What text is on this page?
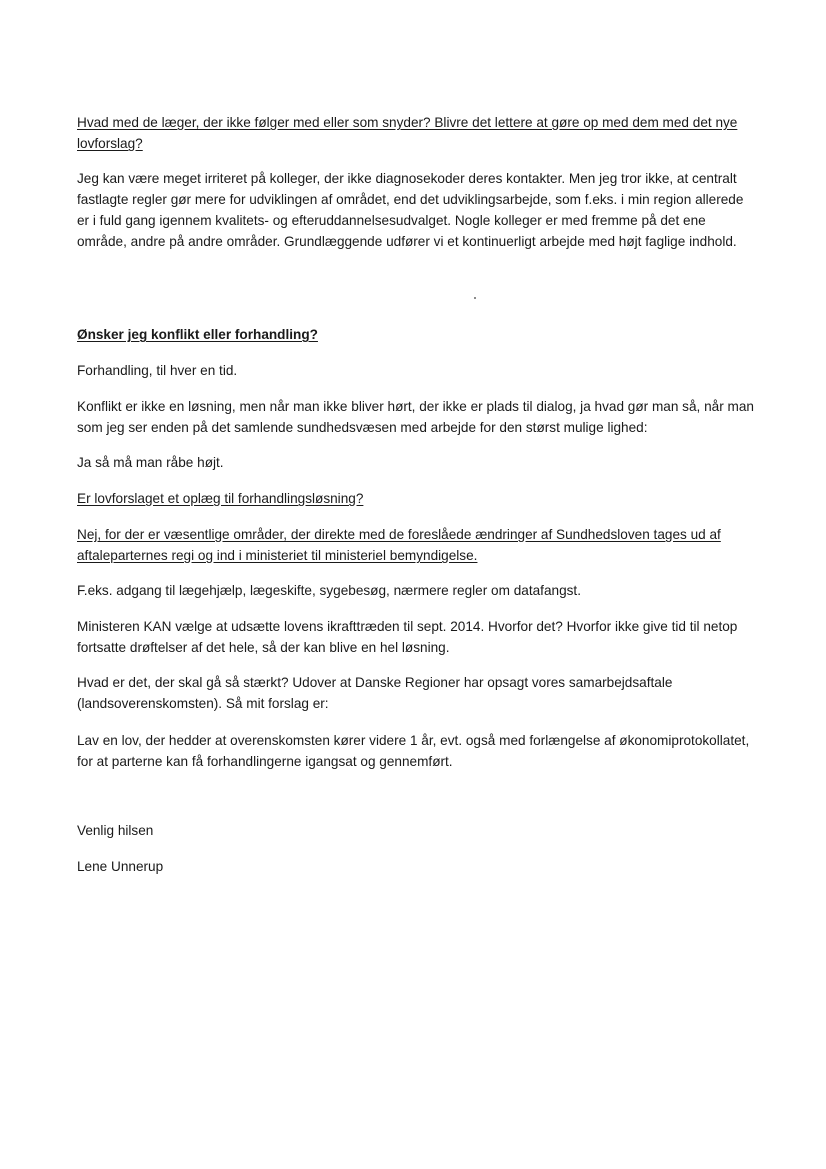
Hvad med de læger, der ikke følger med eller som snyder? Blivre det lettere at gøre op med dem med det nye lovforslag?

Jeg kan være meget irriteret på kolleger, der ikke diagnosekoder deres kontakter. Men jeg tror ikke, at centralt fastlagte regler gør mere for udviklingen af området, end det udviklingsarbejde, som f.eks. i min region allerede er i fuld gang igennem kvalitets- og efteruddannelsesudvalget. Nogle kolleger er med fremme på det ene område, andre på andre områder. Grundlæggende udfører vi et kontinuerligt arbejde med højt faglige indhold.

Ønsker jeg konflikt eller forhandling?

Forhandling, til hver en tid.

Konflikt er ikke en løsning, men når man ikke bliver hørt, der ikke er plads til dialog, ja hvad gør man så, når man som jeg ser enden på det samlende sundhedsvæsen med arbejde for den størst mulige lighed:

Ja så må man råbe højt.

Er lovforslaget et oplæg til forhandlingsløsning?

Nej, for der er væsentlige områder, der direkte med de foreslåede ændringer af Sundhedsloven tages ud af aftaleparternes regi og ind i ministeriet til ministeriel bemyndigelse.

F.eks. adgang til lægehjælp, lægeskifte, sygebesøg, nærmere regler om datafangst.

Ministeren KAN vælge at udsætte lovens ikrafttræden til sept. 2014. Hvorfor det? Hvorfor ikke give tid til netop fortsatte drøftelser af det hele, så der kan blive en hel løsning.

Hvad er det, der skal gå så stærkt? Udover at Danske Regioner har opsagt vores samarbejdsaftale (landsoverenskomsten). Så mit forslag er:

Lav en lov, der hedder at overenskomsten kører videre 1 år, evt. også med forlængelse af økonomiprotokollatet, for at parterne kan få forhandlingerne igangsat og gennemført.

Venlig hilsen

Lene Unnerup
